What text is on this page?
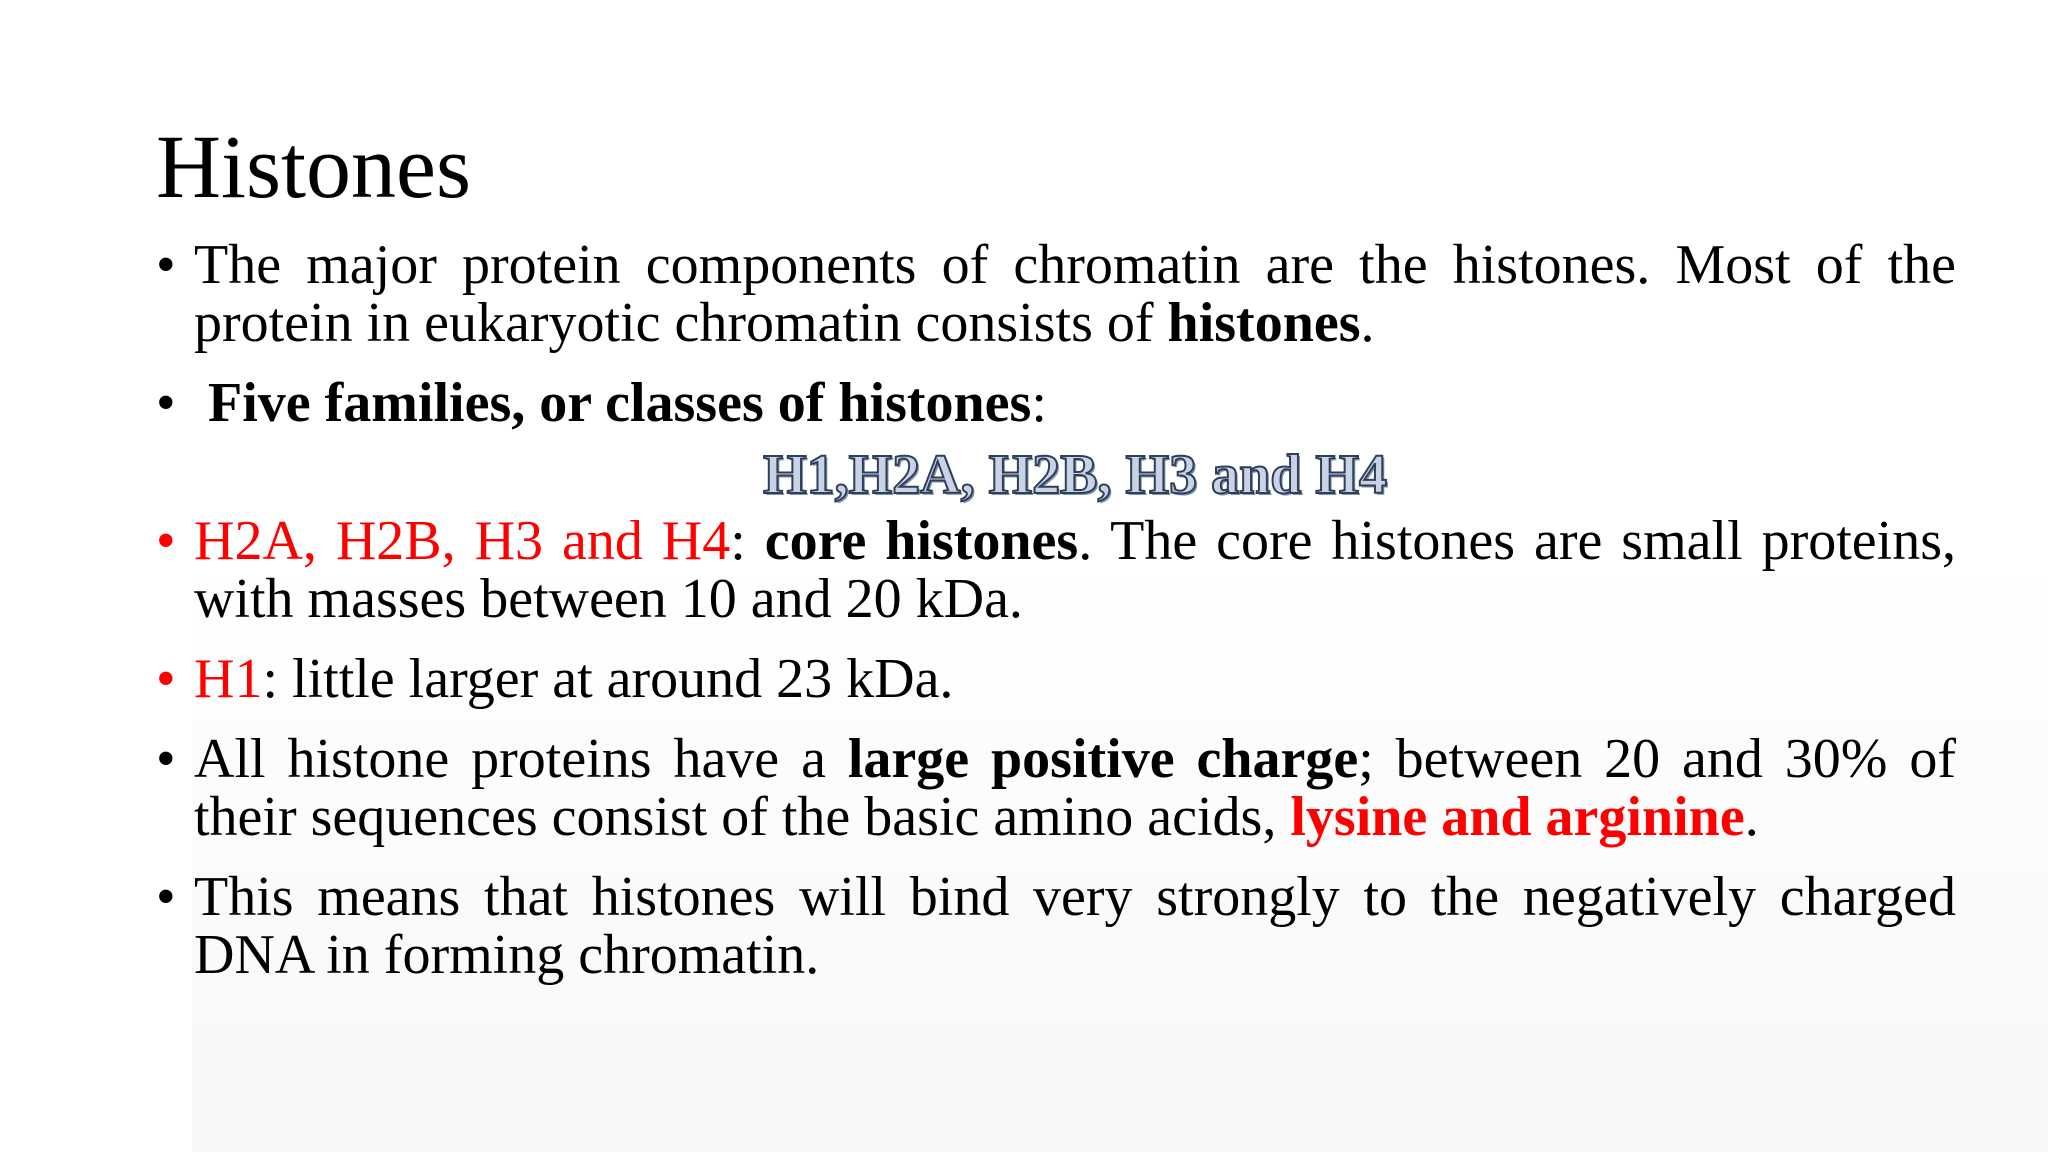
Histones

• The major protein components of chromatin are the histones. Most of the protein in eukaryotic chromatin consists of histones.

• Five families, or classes of histones:

H1,H2A, H2B, H3 and H4

• H2A, H2B, H3 and H4: core histones. The core histones are small proteins, with masses between 10 and 20 kDa.

• H1: little larger at around 23 kDa.

• All histone proteins have a large positive charge; between 20 and 30% of their sequences consist of the basic amino acids, lysine and arginine.

• This means that histones will bind very strongly to the negatively charged DNA in forming chromatin.
